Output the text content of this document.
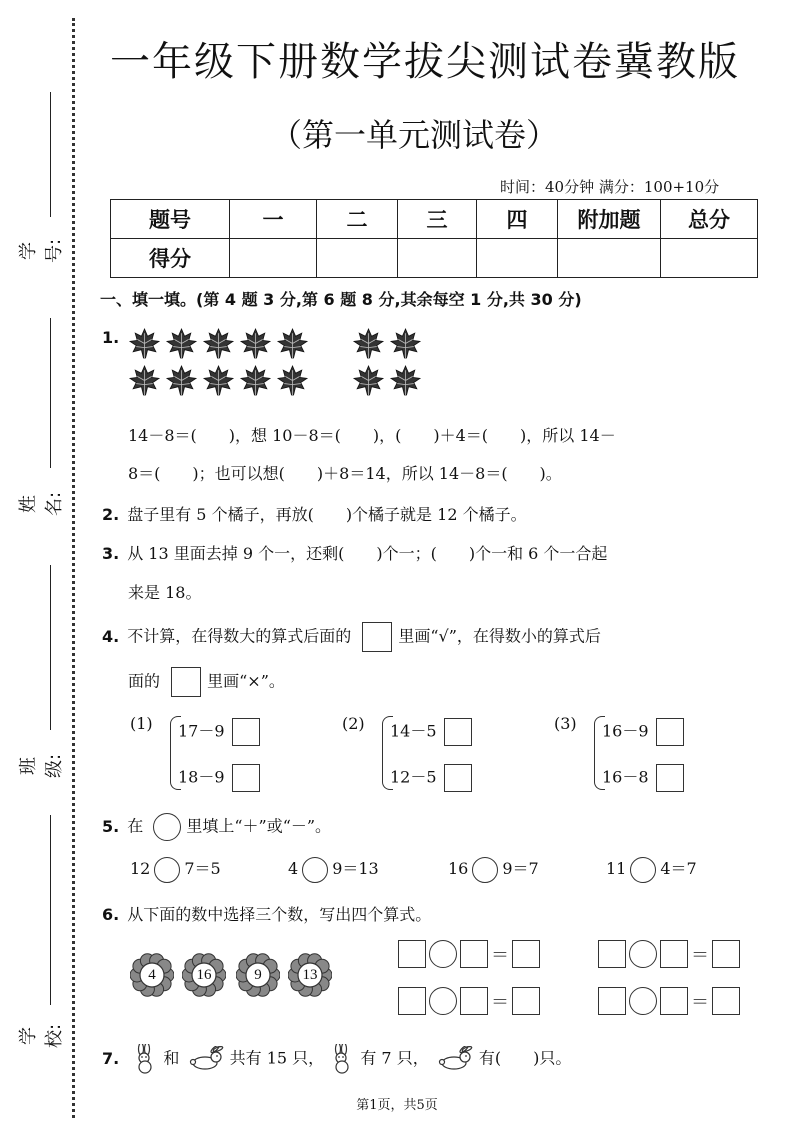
学号:
姓名:
班级:
学校:
一年级下册数学拔尖测试卷冀教版
（第一单元测试卷）
时间：40分钟 满分：100+10分
题号	一	二	三	四	附加题	总分
得分						
一、填一填。(第 4 题 3 分,第 6 题 8 分,其余每空 1 分,共 30 分)
1.
14－8＝(　　)，想 10－8＝(　　)，(　　)＋4＝(　　)，所以 14－
8＝(　　)；也可以想(　　)＋8＝14，所以 14－8＝(　　)。
2. 盘子里有 5 个橘子，再放(　　)个橘子就是 12 个橘子。
3. 从 13 里面去掉 9 个一，还剩(　　)个一；(　　)个一和 6 个一合起
来是 18。
4. 不计算，在得数大的算式后面的	里画“√”，在得数小的算式后
面的	里画“×”。
(1) 17－9
18－9
(2) 14－5
12－5
(3) 16－9
16－8
5. 在	里填上“＋”或“－”。
12 7＝5	4 9＝13	16 9＝7	11 4＝7
6. 从下面的数中选择三个数，写出四个算式。
4	16	9	13
＝	＝
＝	＝
7.	和	共有 15 只， 有 7 只，	有(　　)只。
第1页，共5页
